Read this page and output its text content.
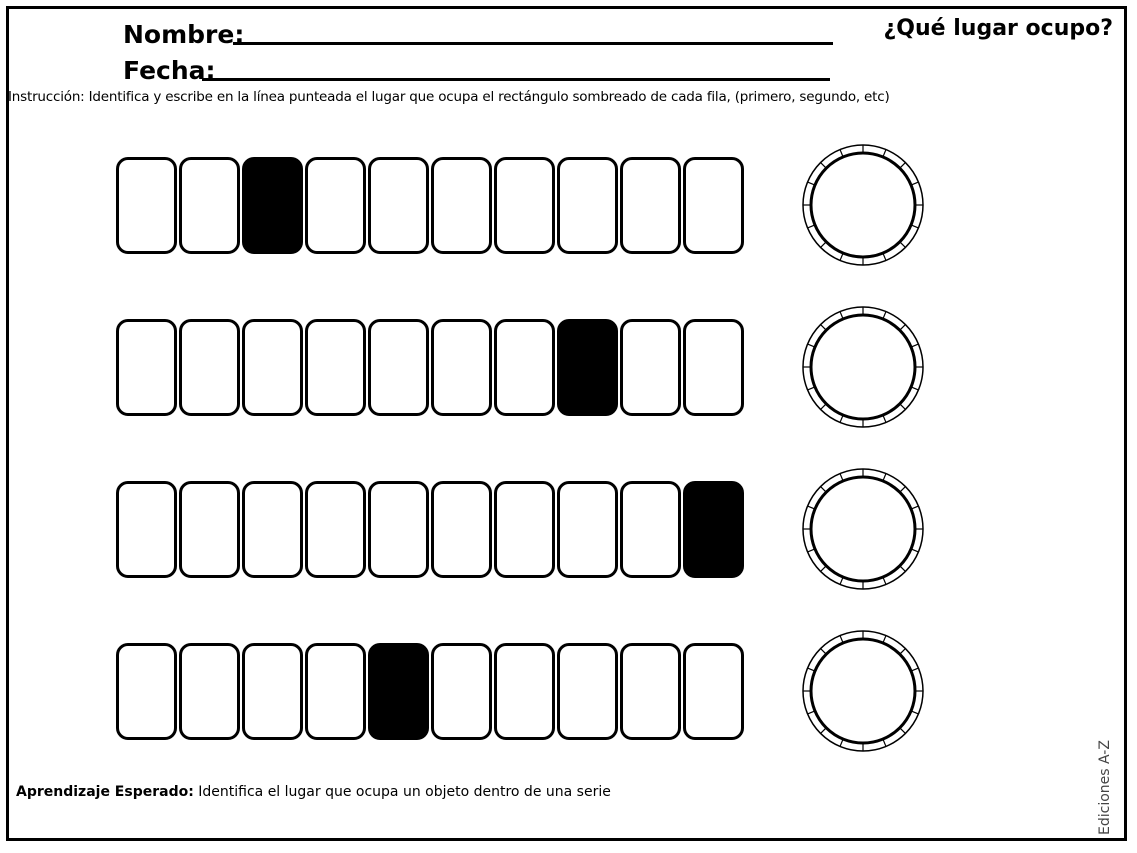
Nombre:
Fecha:
¿Qué lugar ocupo?
Instrucción: Identifica y escribe en la línea punteada el lugar que ocupa el rectángulo sombreado de cada fila, (primero, segundo, etc)
Aprendizaje Esperado: Identifica el lugar que ocupa un objeto dentro de una serie	Ediciones A-Z
